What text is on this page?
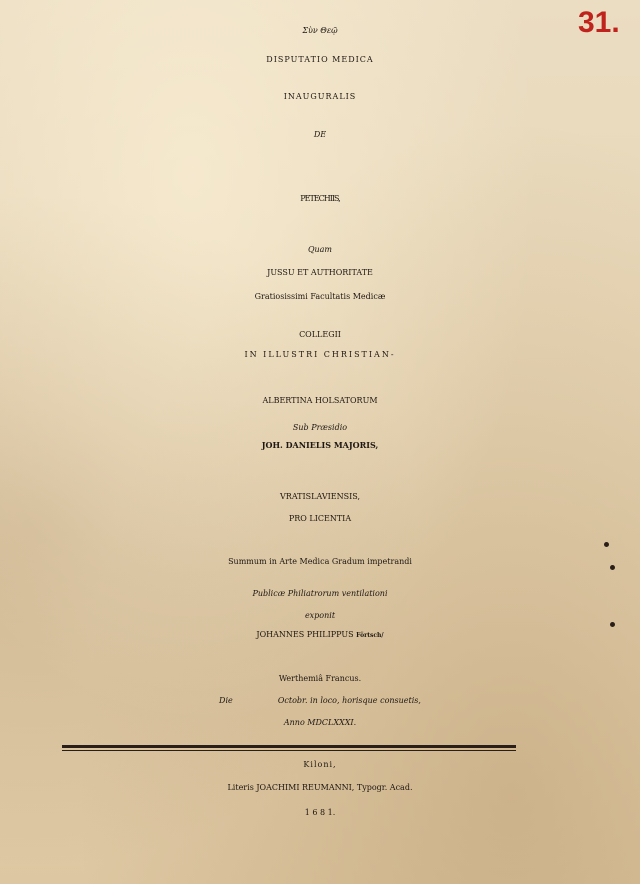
31.
Σὺν Θεῷ
DISPUTATIO MEDICA
INAUGURALIS
DE
PETECHIIS,
Quam
JUSSU ET AUTHORITATE
Gratiosissimi Facultatis Medicæ
COLLEGII
IN ILLUSTRI CHRISTIAN-
ALBERTINA HOLSATORUM
Sub Præsidio
JOH. DANIELIS MAJORIS,
VRATISLAVIENSIS,
PRO LICENTIA
Summum in Arte Medica Gradum impetrandi
Publicæ Philiatrorum ventilationi
exponit
JOHANNES PHILIPPUS Förtsch/
Werthemiâ Francus.
Die	Octobr. in loco, horisque consuetis,
Anno MDCLXXXI.
Kiloni,
Literis JOACHIMI REUMANNI, Typogr. Acad.
1 6 8 1.
